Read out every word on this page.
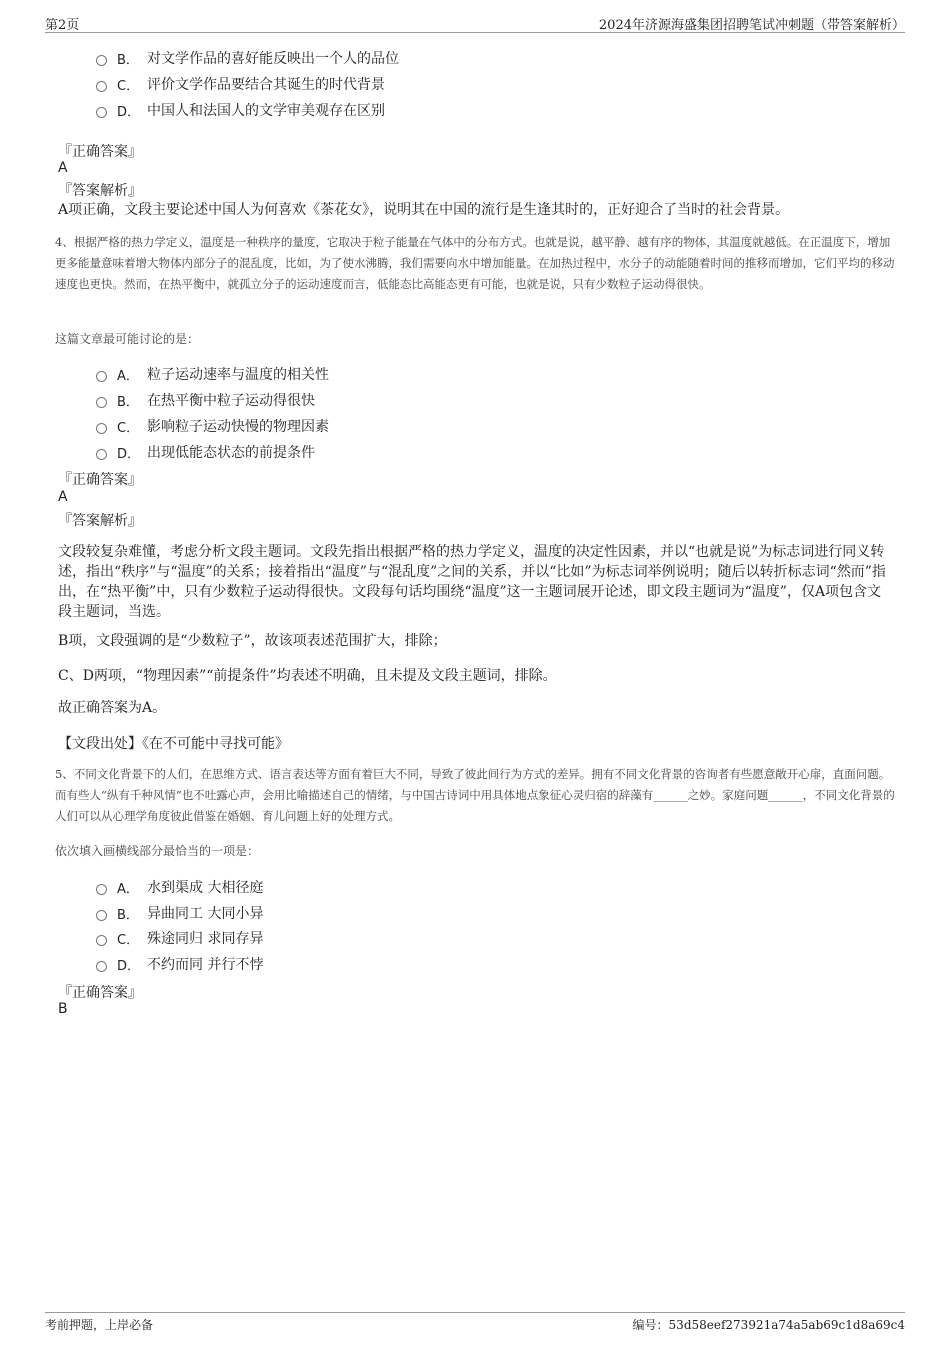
第2页	2024年济源海盛集团招聘笔试冲刺题（带答案解析）
B． 对文学作品的喜好能反映出一个人的品位
C． 评价文学作品要结合其诞生的时代背景
D． 中国人和法国人的文学审美观存在区别
『正确答案』
A
『答案解析』
A项正确，文段主要论述中国人为何喜欢《茶花女》，说明其在中国的流行是生逢其时的，正好迎合了当时的社会背景。
4、根据严格的热力学定义，温度是一种秩序的量度，它取决于粒子能量在气体中的分布方式。也就是说，越平静、越有序的物体，其温度就越低。在正温度下，增加更多能量意味着增大物体内部分子的混乱度，比如，为了使水沸腾，我们需要向水中增加能量。在加热过程中，水分子的动能随着时间的推移而增加，它们平均的移动速度也更快。然而，在热平衡中，就孤立分子的运动速度而言，低能态比高能态更有可能，也就是说，只有少数粒子运动得很快。
这篇文章最可能讨论的是：
A． 粒子运动速率与温度的相关性
B． 在热平衡中粒子运动得很快
C． 影响粒子运动快慢的物理因素
D． 出现低能态状态的前提条件
『正确答案』
A
『答案解析』
文段较复杂难懂，考虑分析文段主题词。文段先指出根据严格的热力学定义，温度的决定性因素，并以“也就是说”为标志词进行同义转述，指出“秩序”与“温度”的关系；接着指出“温度”与“混乱度”之间的关系，并以“比如”为标志词举例说明；随后以转折标志词“然而”指出，在“热平衡”中，只有少数粒子运动得很快。文段每句话均围绕“温度”这一主题词展开论述，即文段主题词为“温度”，仅A项包含文段主题词，当选。
B项，文段强调的是“少数粒子”，故该项表述范围扩大，排除；
C、D两项，“物理因素”“前提条件”均表述不明确，且未提及文段主题词，排除。
故正确答案为A。
【文段出处】《在不可能中寻找可能》
5、不同文化背景下的人们，在思维方式、语言表达等方面有着巨大不同，导致了彼此间行为方式的差异。拥有不同文化背景的咨询者有些愿意敞开心扉，直面问题。而有些人“纵有千种风情”也不吐露心声，会用比喻描述自己的情绪，与中国古诗词中用具体地点象征心灵归宿的辞藻有______之妙。家庭问题______，不同文化背景的人们可以从心理学角度彼此借鉴在婚姻、育儿问题上好的处理方式。
依次填入画横线部分最恰当的一项是：
A． 水到渠成 大相径庭
B． 异曲同工 大同小异
C． 殊途同归 求同存异
D． 不约而同 并行不悖
『正确答案』
B
考前押题，上岸必备	编号：53d58eef273921a74a5ab69c1d8a69c4
